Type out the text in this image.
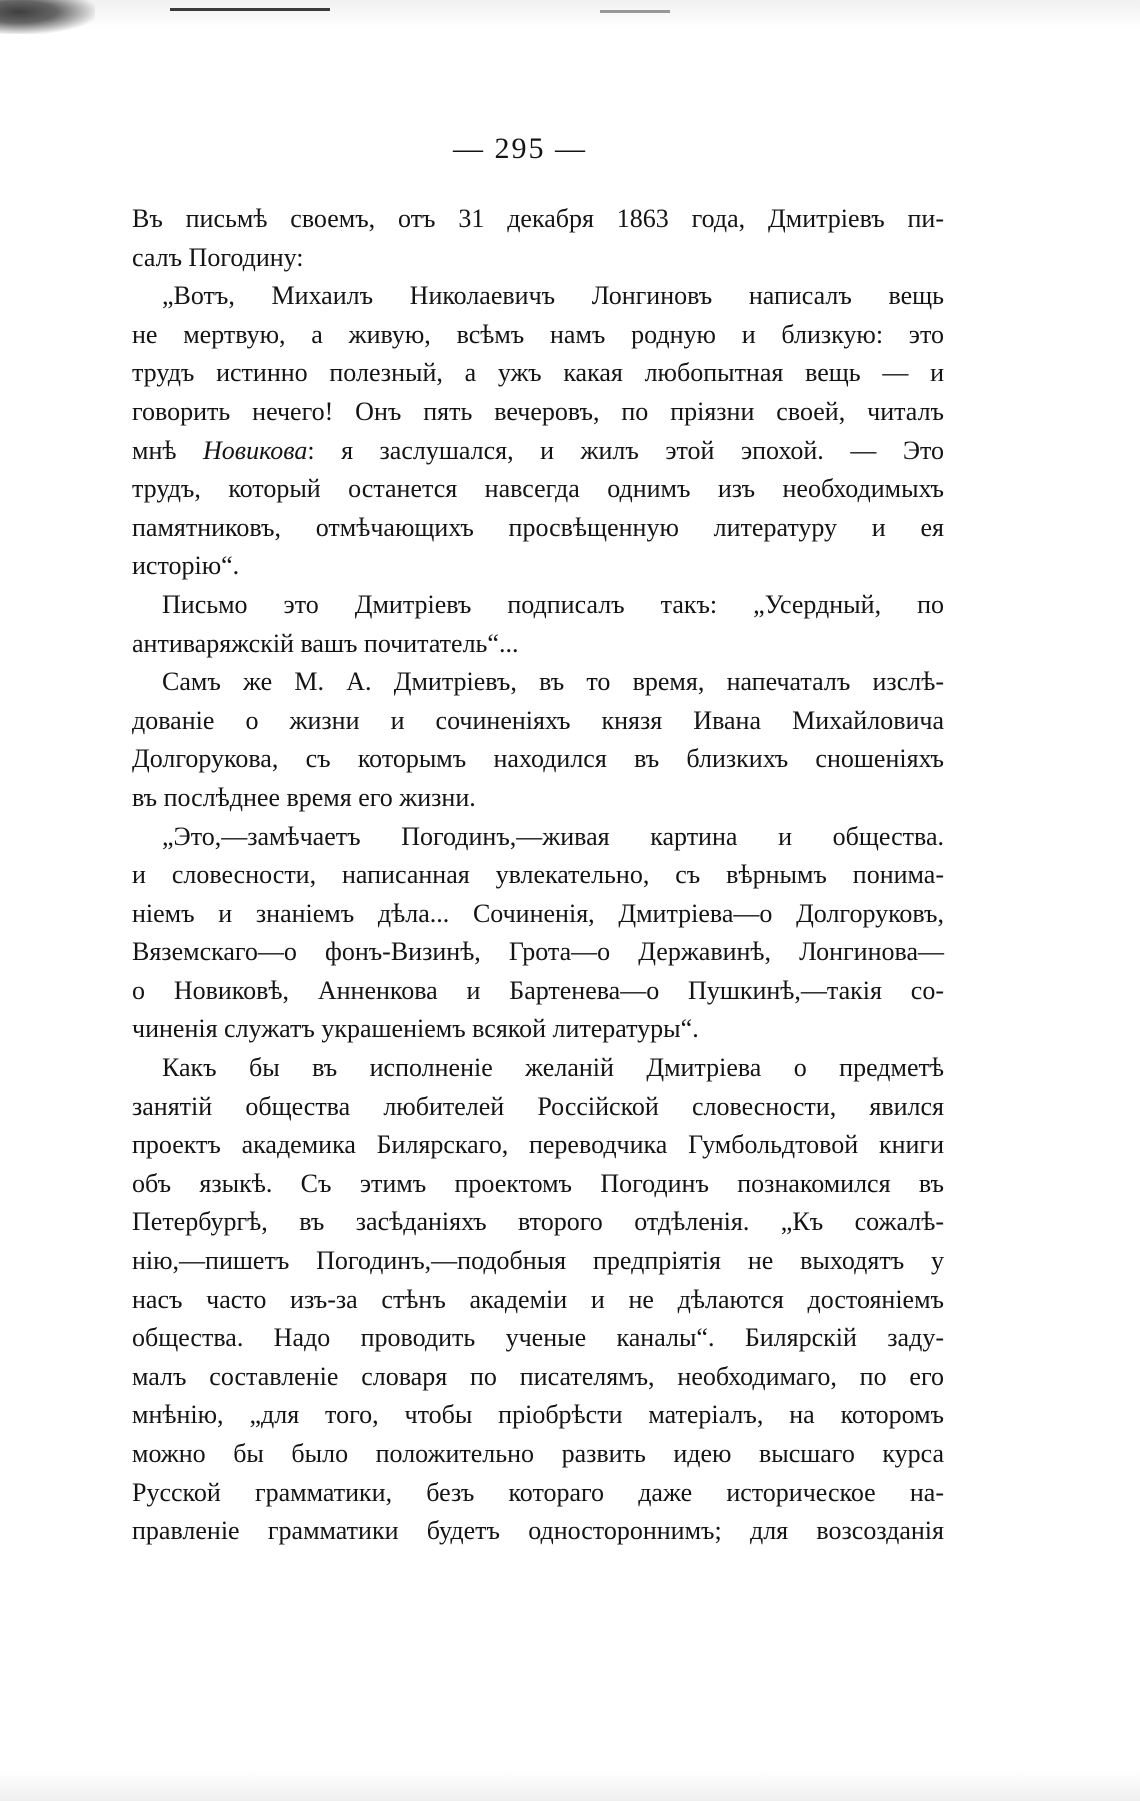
— 295 —
Въ письмѣ своемъ, отъ 31 декабря 1863 года, Дмитріевъ пи-
салъ Погодину:
„Вотъ, Михаилъ Николаевичъ Лонгиновъ написалъ вещь
не мертвую, а живую, всѣмъ намъ родную и близкую: это
трудъ истинно полезный, а ужъ какая любопытная вещь — и
говорить нечего! Онъ пять вечеровъ, по пріязни своей, читалъ
мнѣ Новикова: я заслушался, и жилъ этой эпохой. — Это
трудъ, который останется навсегда однимъ изъ необходимыхъ
памятниковъ, отмѣчающихъ просвѣщенную литературу и ея
исторію“.
Письмо это Дмитріевъ подписалъ такъ: „Усердный, по
антиваряжскій вашъ почитатель“...
Самъ же М. А. Дмитріевъ, въ то время, напечаталъ изслѣ-
дованіе о жизни и сочиненіяхъ князя Ивана Михайловича
Долгорукова, съ которымъ находился въ близкихъ сношеніяхъ
въ послѣднее время его жизни.
„Это,—замѣчаетъ Погодинъ,—живая картина и общества.
и словесности, написанная увлекательно, съ вѣрнымъ понима-
ніемъ и знаніемъ дѣла... Сочиненія, Дмитріева—о Долгоруковъ,
Вяземскаго—о фонъ-Визинѣ, Грота—о Державинѣ, Лонгинова—
о Новиковѣ, Анненкова и Бартенева—о Пушкинѣ,—такія со-
чиненія служатъ украшеніемъ всякой литературы“.
Какъ бы въ исполненіе желаній Дмитріева о предметѣ
занятій общества любителей Россійской словесности, явился
проектъ академика Билярскаго, переводчика Гумбольдтовой книги
объ языкѣ. Съ этимъ проектомъ Погодинъ познакомился въ
Петербургѣ, въ засѣданіяхъ второго отдѣленія. „Къ сожалѣ-
нію,—пишетъ Погодинъ,—подобныя предпріятія не выходятъ у
насъ часто изъ-за стѣнъ академіи и не дѣлаются достояніемъ
общества. Надо проводить ученые каналы“. Билярскій заду-
малъ составленіе словаря по писателямъ, необходимаго, по его
мнѣнію, „для того, чтобы пріобрѣсти матеріалъ, на которомъ
можно бы было положительно развить идею высшаго курса
Русской грамматики, безъ котораго даже историческое на-
правленіе грамматики будетъ одностороннимъ; для возсозданія
